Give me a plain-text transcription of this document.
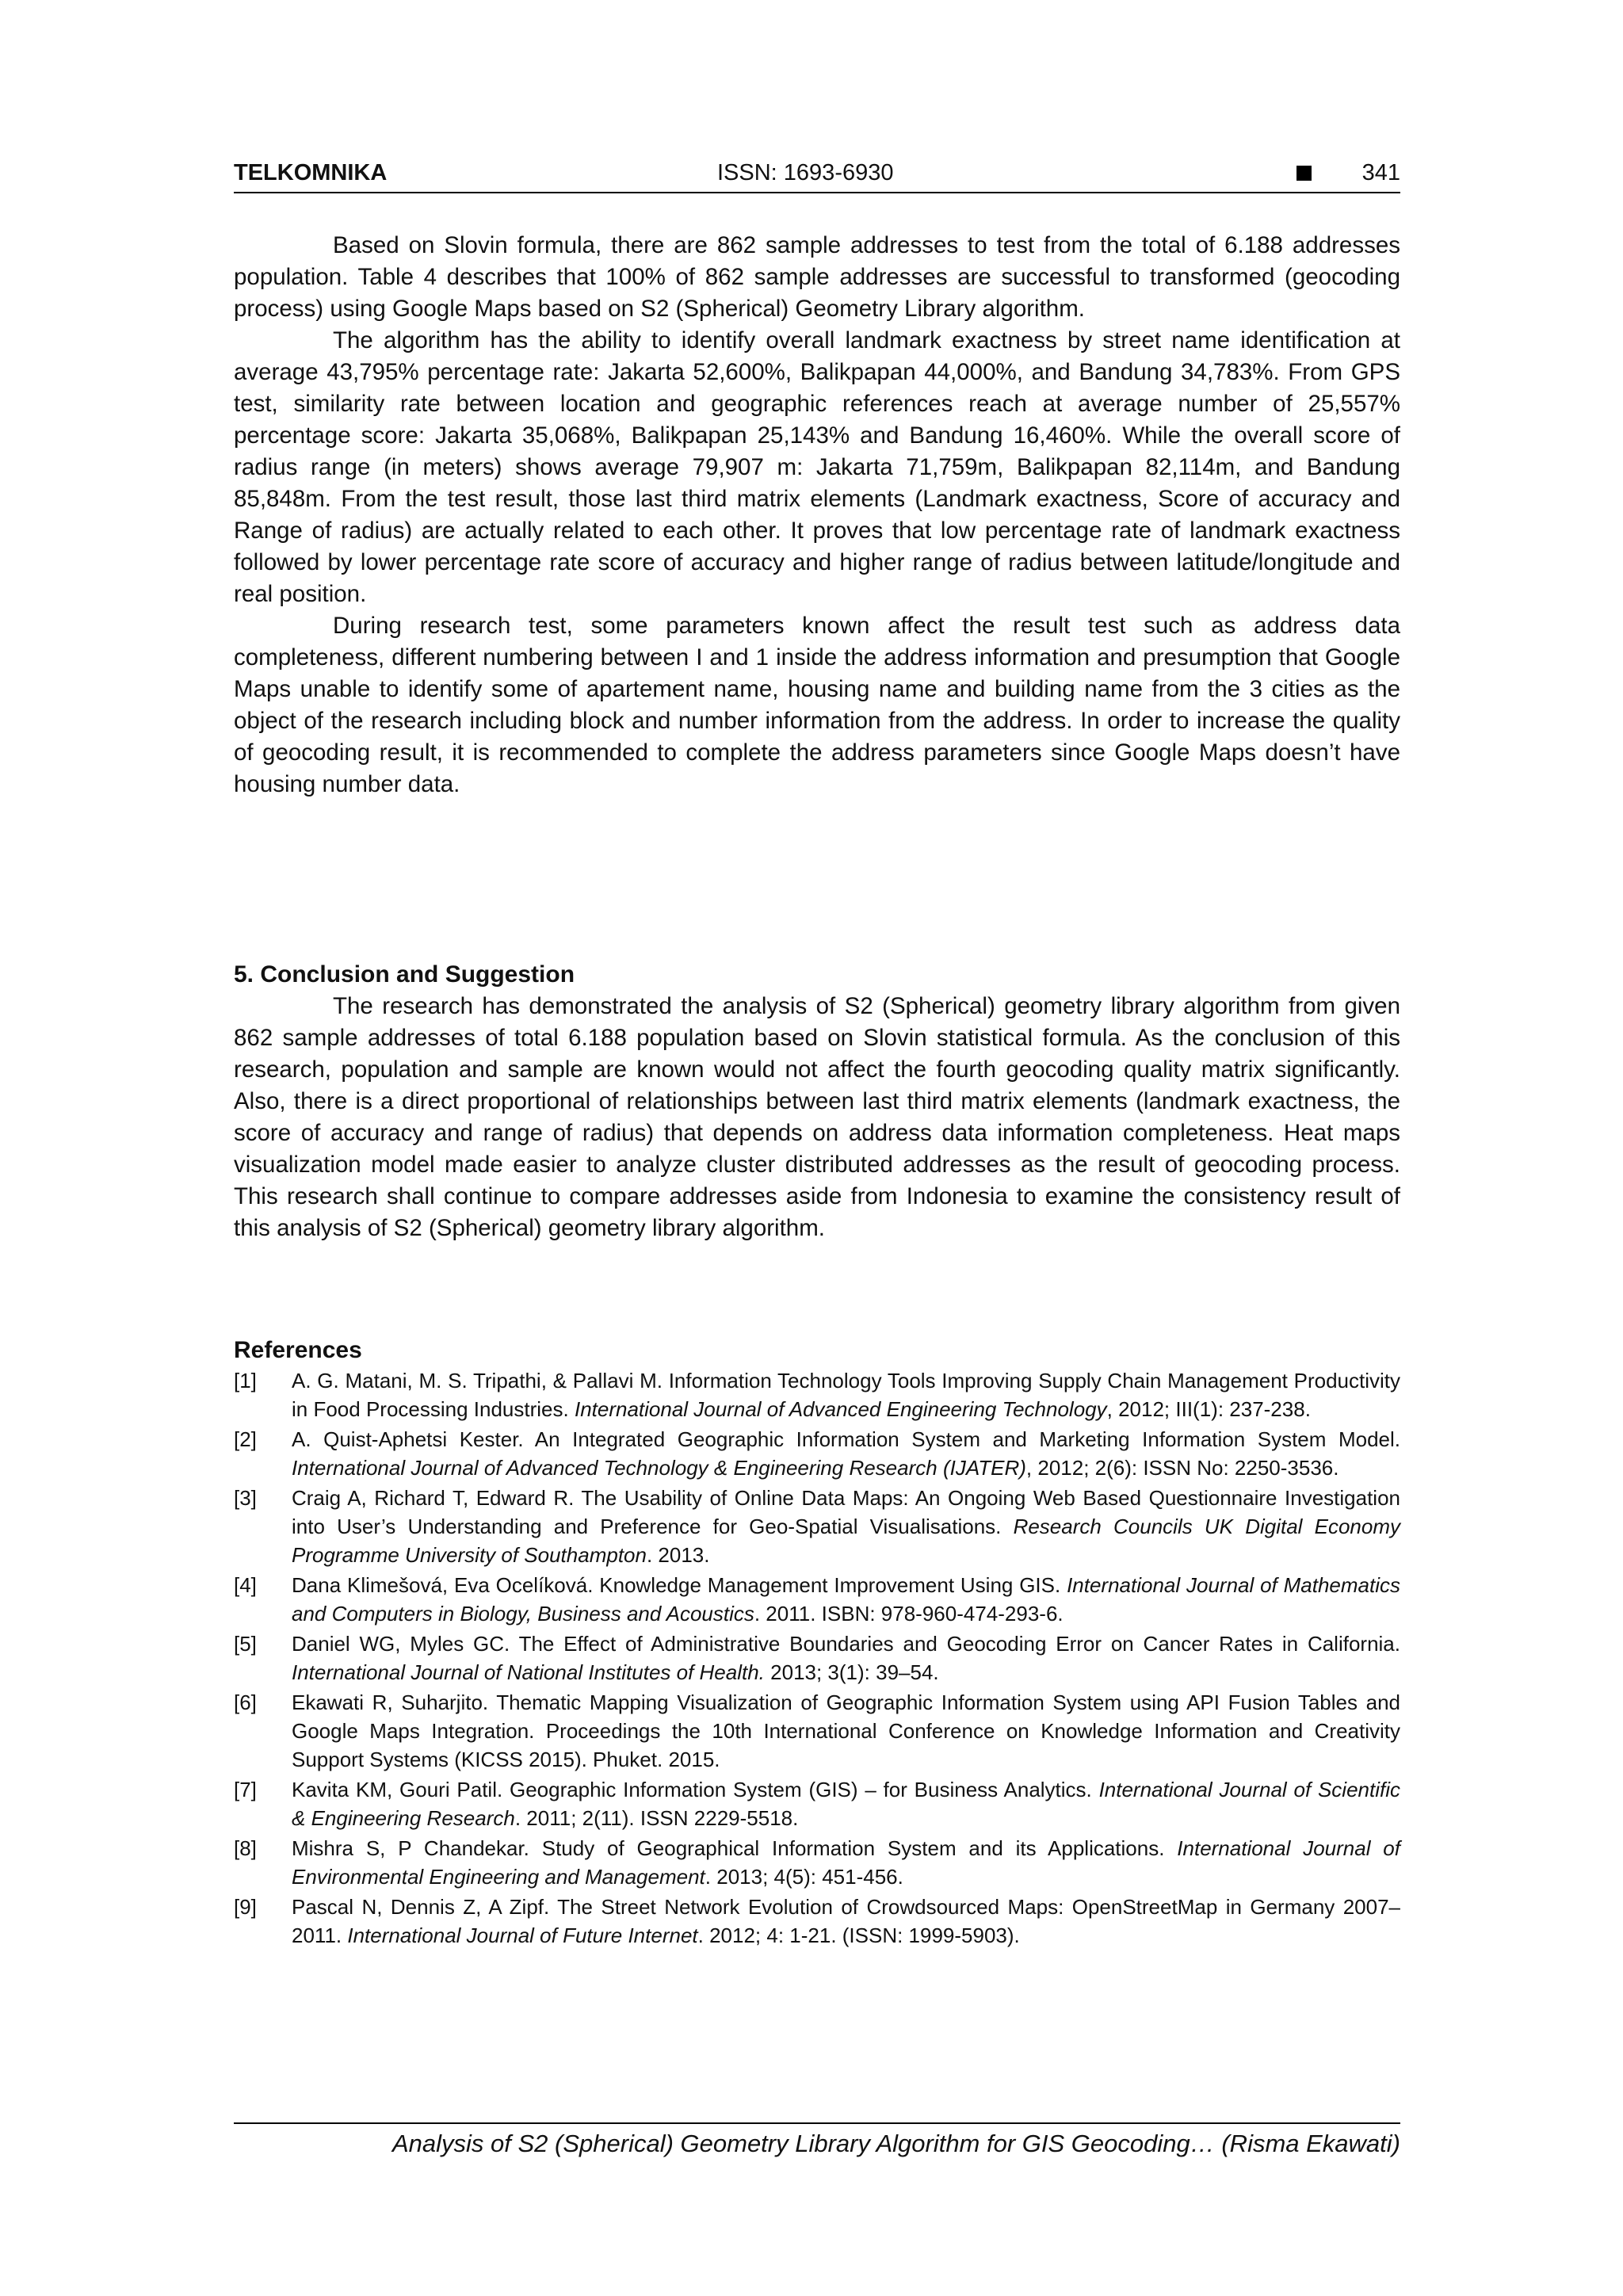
TELKOMNIKA	ISSN: 1693-6930	341

Based on Slovin formula, there are 862 sample addresses to test from the total of 6.188 addresses population. Table 4 describes that 100% of 862 sample addresses are successful to transformed (geocoding process) using Google Maps based on S2 (Spherical) Geometry Library algorithm.

The algorithm has the ability to identify overall landmark exactness by street name identification at average 43,795% percentage rate: Jakarta 52,600%, Balikpapan 44,000%, and Bandung 34,783%. From GPS test, similarity rate between location and geographic references reach at average number of 25,557% percentage score: Jakarta 35,068%, Balikpapan 25,143% and Bandung 16,460%. While the overall score of radius range (in meters) shows average 79,907 m: Jakarta 71,759m, Balikpapan 82,114m, and Bandung 85,848m. From the test result, those last third matrix elements (Landmark exactness, Score of accuracy and Range of radius) are actually related to each other. It proves that low percentage rate of landmark exactness followed by lower percentage rate score of accuracy and higher range of radius between latitude/longitude and real position.

During research test, some parameters known affect the result test such as address data completeness, different numbering between I and 1 inside the address information and presumption that Google Maps unable to identify some of apartement name, housing name and building name from the 3 cities as the object of the research including block and number information from the address. In order to increase the quality of geocoding result, it is recommended to complete the address parameters since Google Maps doesn’t have housing number data.

5. Conclusion and Suggestion

The research has demonstrated the analysis of S2 (Spherical) geometry library algorithm from given 862 sample addresses of total 6.188 population based on Slovin statistical formula. As the conclusion of this research, population and sample are known would not affect the fourth geocoding quality matrix significantly. Also, there is a direct proportional of relationships between last third matrix elements (landmark exactness, the score of accuracy and range of radius) that depends on address data information completeness. Heat maps visualization model made easier to analyze cluster distributed addresses as the result of geocoding process. This research shall continue to compare addresses aside from Indonesia to examine the consistency result of this analysis of S2 (Spherical) geometry library algorithm.

References
[1] A. G. Matani, M. S. Tripathi, & Pallavi M. Information Technology Tools Improving Supply Chain Management Productivity in Food Processing Industries. International Journal of Advanced Engineering Technology, 2012; III(1): 237-238.
[2] A. Quist-Aphetsi Kester. An Integrated Geographic Information System and Marketing Information System Model. International Journal of Advanced Technology & Engineering Research (IJATER), 2012; 2(6): ISSN No: 2250-3536.
[3] Craig A, Richard T, Edward R. The Usability of Online Data Maps: An Ongoing Web Based Questionnaire Investigation into User’s Understanding and Preference for Geo-Spatial Visualisations. Research Councils UK Digital Economy Programme University of Southampton. 2013.
[4] Dana Klimešová, Eva Ocelíková. Knowledge Management Improvement Using GIS. International Journal of Mathematics and Computers in Biology, Business and Acoustics. 2011. ISBN: 978-960-474-293-6.
[5] Daniel WG, Myles GC. The Effect of Administrative Boundaries and Geocoding Error on Cancer Rates in California. International Journal of National Institutes of Health. 2013; 3(1): 39–54.
[6] Ekawati R, Suharjito. Thematic Mapping Visualization of Geographic Information System using API Fusion Tables and Google Maps Integration. Proceedings the 10th International Conference on Knowledge Information and Creativity Support Systems (KICSS 2015). Phuket. 2015.
[7] Kavita KM, Gouri Patil. Geographic Information System (GIS) – for Business Analytics. International Journal of Scientific & Engineering Research. 2011; 2(11). ISSN 2229-5518.
[8] Mishra S, P Chandekar. Study of Geographical Information System and its Applications. International Journal of Environmental Engineering and Management. 2013; 4(5): 451-456.
[9] Pascal N, Dennis Z, A Zipf. The Street Network Evolution of Crowdsourced Maps: OpenStreetMap in Germany 2007–2011. International Journal of Future Internet. 2012; 4: 1-21. (ISSN: 1999-5903).
Analysis of S2 (Spherical) Geometry Library Algorithm for GIS Geocoding… (Risma Ekawati)
